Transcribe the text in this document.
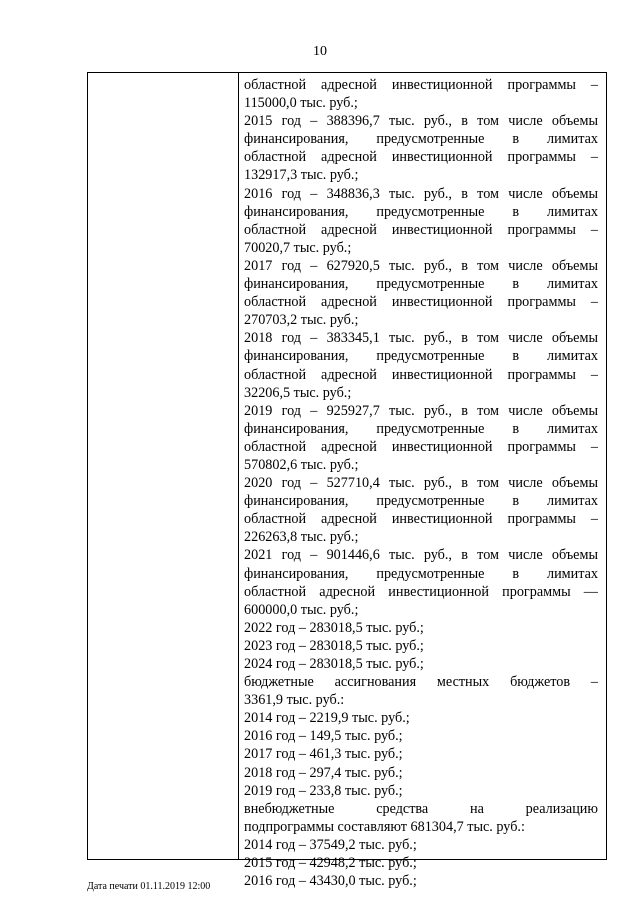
10
областной адресной инвестиционной программы –
115000,0 тыс. руб.;
2015 год – 388396,7 тыс. руб., в том числе объемы
финансирования, предусмотренные в лимитах
областной адресной инвестиционной программы –
132917,3 тыс. руб.;
2016 год – 348836,3 тыс. руб., в том числе объемы
финансирования, предусмотренные в лимитах
областной адресной инвестиционной программы –
70020,7 тыс. руб.;
2017 год – 627920,5 тыс. руб., в том числе объемы
финансирования, предусмотренные в лимитах
областной адресной инвестиционной программы –
270703,2 тыс. руб.;
2018 год – 383345,1 тыс. руб., в том числе объемы
финансирования, предусмотренные в лимитах
областной адресной инвестиционной программы –
32206,5 тыс. руб.;
2019 год – 925927,7 тыс. руб., в том числе объемы
финансирования, предусмотренные в лимитах
областной адресной инвестиционной программы –
570802,6 тыс. руб.;
2020 год – 527710,4 тыс. руб., в том числе объемы
финансирования, предусмотренные в лимитах
областной адресной инвестиционной программы –
226263,8 тыс. руб.;
2021 год – 901446,6 тыс. руб., в том числе объемы
финансирования, предусмотренные в лимитах
областной адресной инвестиционной программы —
600000,0 тыс. руб.;
2022 год – 283018,5 тыс. руб.;
2023 год – 283018,5 тыс. руб.;
2024 год – 283018,5 тыс. руб.;
бюджетные ассигнования местных бюджетов –
3361,9 тыс. руб.:
2014 год – 2219,9 тыс. руб.;
2016 год – 149,5 тыс. руб.;
2017 год – 461,3 тыс. руб.;
2018 год – 297,4 тыс. руб.;
2019 год – 233,8 тыс. руб.;
внебюджетные средства на реализацию
подпрограммы составляют 681304,7 тыс. руб.:
2014 год – 37549,2 тыс. руб.;
2015 год – 42948,2 тыс. руб.;
2016 год – 43430,0 тыс. руб.;
Дата печати 01.11.2019 12:00
